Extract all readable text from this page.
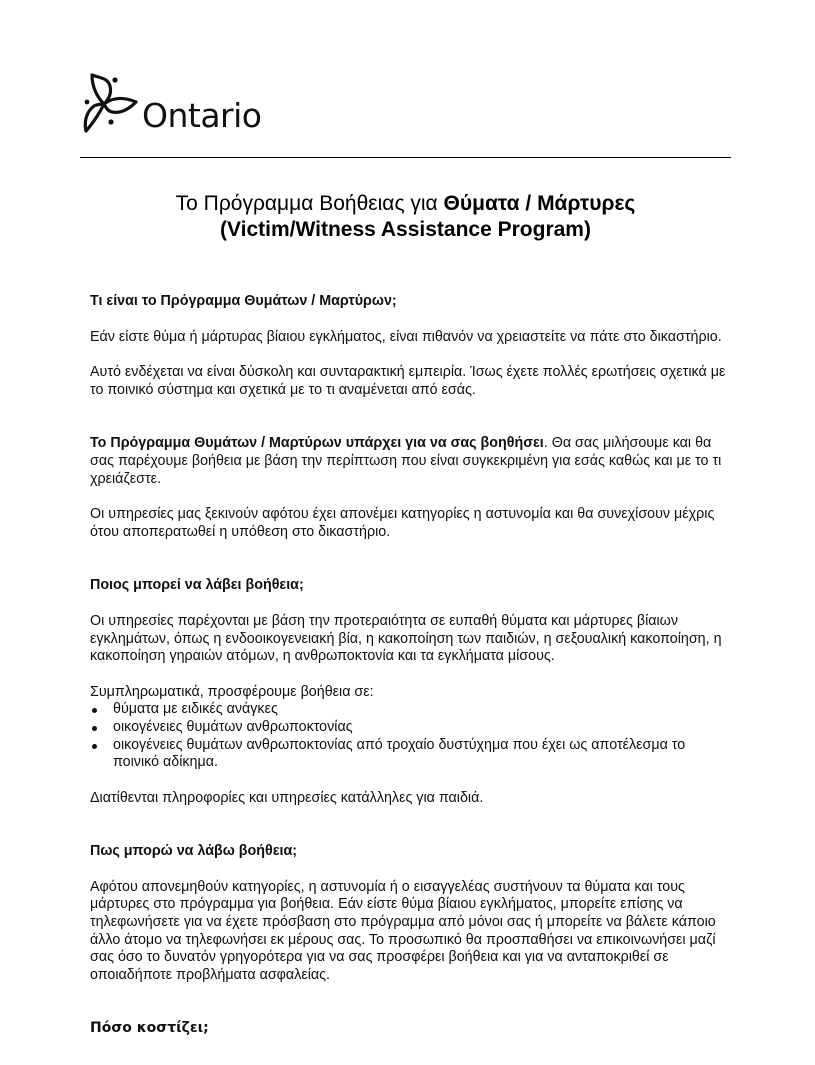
Ontario
Το Πρόγραμμα Βοήθειας για Θύματα / Μάρτυρες
(Victim/Witness Assistance Program)

Τι είναι το Πρόγραμμα Θυμάτων / Μαρτύρων;

Εάν είστε θύμα ή μάρτυρας βίαιου εγκλήματος, είναι πιθανόν να χρειαστείτε να πάτε στο δικαστήριο.

Αυτό ενδέχεται να είναι δύσκολη και συνταρακτική εμπειρία. Ίσως έχετε πολλές ερωτήσεις σχετικά με το ποινικό σύστημα και σχετικά με το τι αναμένεται από εσάς.

Το Πρόγραμμα Θυμάτων / Μαρτύρων υπάρχει για να σας βοηθήσει. Θα σας μιλήσουμε και θα σας παρέχουμε βοήθεια με βάση την περίπτωση που είναι συγκεκριμένη για εσάς καθώς και με το τι χρειάζεστε.

Οι υπηρεσίες μας ξεκινούν αφότου έχει απονέμει κατηγορίες η αστυνομία και θα συνεχίσουν μέχρις ότου αποπερατωθεί η υπόθεση στο δικαστήριο.

Ποιος μπορεί να λάβει βοήθεια;

Οι υπηρεσίες παρέχονται με βάση την προτεραιότητα σε ευπαθή θύματα και μάρτυρες βίαιων εγκλημάτων, όπως η ενδοοικογενειακή βία, η κακοποίηση των παιδιών, η σεξουαλική κακοποίηση, η κακοποίηση γηραιών ατόμων, η ανθρωποκτονία και τα εγκλήματα μίσους.

Συμπληρωματικά, προσφέρουμε βοήθεια σε:

θύματα με ειδικές ανάγκες
οικογένειες θυμάτων ανθρωποκτονίας
οικογένειες θυμάτων ανθρωποκτονίας από τροχαίο δυστύχημα που έχει ως αποτέλεσμα το ποινικό αδίκημα.

Διατίθενται πληροφορίες και υπηρεσίες κατάλληλες για παιδιά.

Πως μπορώ να λάβω βοήθεια;

Αφότου απονεμηθούν κατηγορίες, η αστυνομία ή ο εισαγγελέας συστήνουν τα θύματα και τους μάρτυρες στο πρόγραμμα για βοήθεια. Εάν είστε θύμα βίαιου εγκλήματος, μπορείτε επίσης να τηλεφωνήσετε για να έχετε πρόσβαση στο πρόγραμμα από μόνοι σας ή μπορείτε να βάλετε κάποιο άλλο άτομο να τηλεφωνήσει εκ μέρους σας. Το προσωπικό θα προσπαθήσει να επικοινωνήσει μαζί σας όσο το δυνατόν γρηγορότερα για να σας προσφέρει βοήθεια και για να ανταποκριθεί σε οποιαδήποτε προβλήματα ασφαλείας.

Πόσο κοστίζει;
